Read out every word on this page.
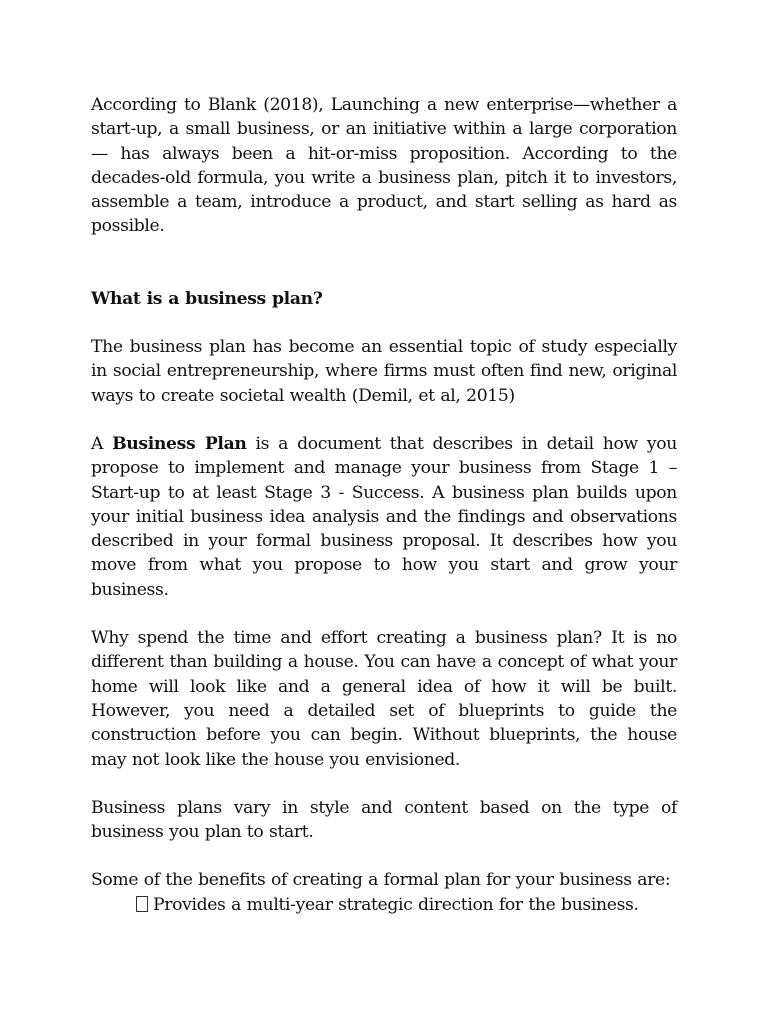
According to Blank (2018), Launching a new enterprise—whether a start-up, a small business, or an initiative within a large corporation — has always been a hit-or-miss proposition. According to the decades-old formula, you write a business plan, pitch it to investors, assemble a team, introduce a product, and start selling as hard as possible.

What is a business plan?

The business plan has become an essential topic of study especially in social entrepreneurship, where firms must often find new, original ways to create societal wealth (Demil, et al, 2015)

A Business Plan is a document that describes in detail how you propose to implement and manage your business from Stage 1 – Start-up to at least Stage 3 - Success. A business plan builds upon your initial business idea analysis and the findings and observations described in your formal business proposal. It describes how you move from what you propose to how you start and grow your business.

Why spend the time and effort creating a business plan? It is no different than building a house. You can have a concept of what your home will look like and a general idea of how it will be built. However, you need a detailed set of blueprints to guide the construction before you can begin. Without blueprints, the house may not look like the house you envisioned.

Business plans vary in style and content based on the type of business you plan to start.

Some of the benefits of creating a formal plan for your business are:

Provides a multi-year strategic direction for the business.
